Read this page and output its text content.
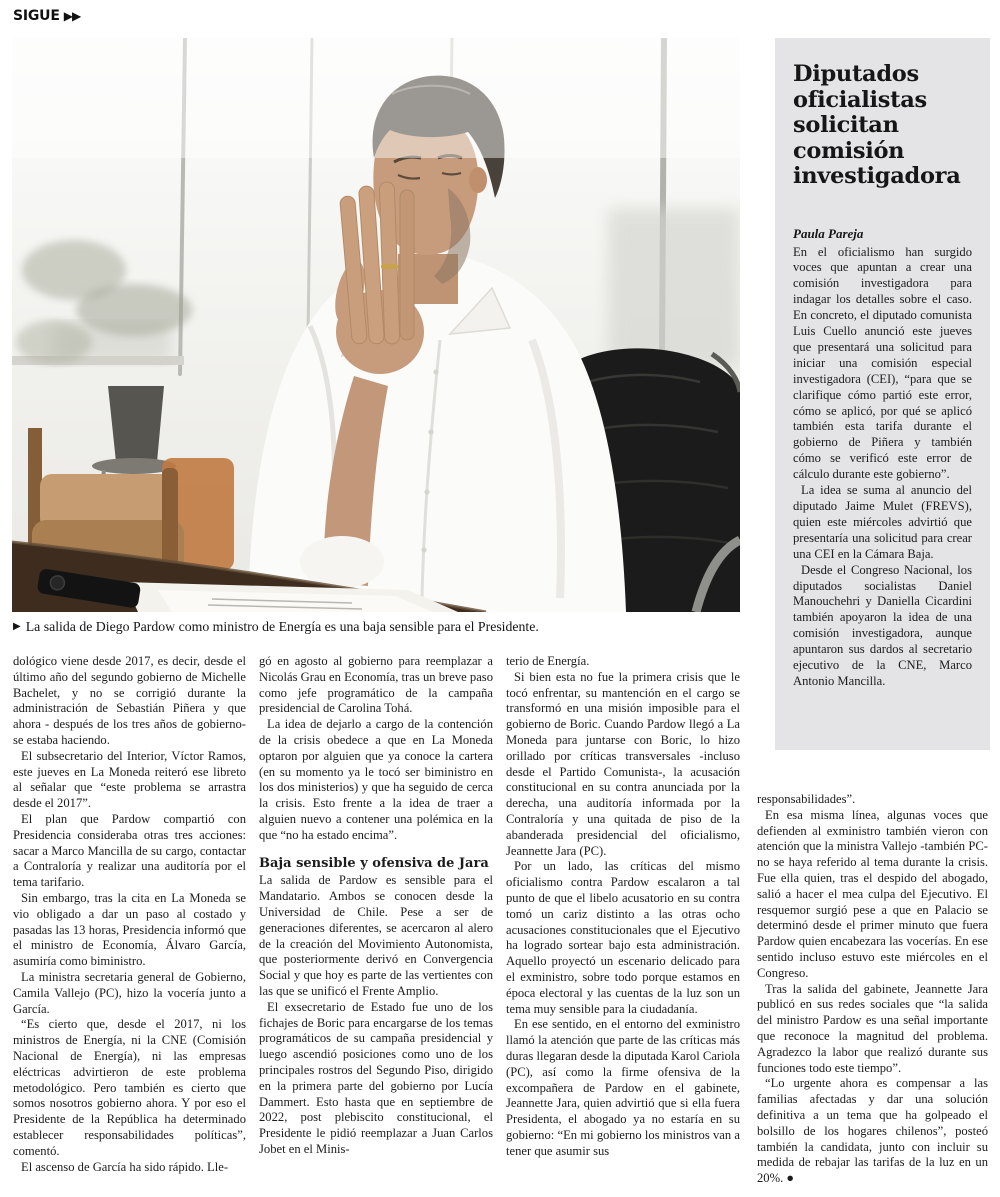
SIGUE ▶▶
▶ La salida de Diego Pardow como ministro de Energía es una baja sensible para el Presidente.

dológico viene desde 2017, es decir, desde el último año del segundo gobierno de Michelle Bachelet, y no se corrigió durante la administración de Sebastián Piñera y que ahora - después de los tres años de gobierno- se estaba haciendo.

El subsecretario del Interior, Víctor Ramos, este jueves en La Moneda reiteró ese libreto al señalar que “este problema se arrastra desde el 2017”.

El plan que Pardow compartió con Presidencia consideraba otras tres acciones: sacar a Marco Mancilla de su cargo, contactar a Contraloría y realizar una auditoría por el tema tarifario.

Sin embargo, tras la cita en La Moneda se vio obligado a dar un paso al costado y pasadas las 13 horas, Presidencia informó que el ministro de Economía, Álvaro García, asumiría como biministro.

La ministra secretaria general de Gobierno, Camila Vallejo (PC), hizo la vocería junto a García.

“Es cierto que, desde el 2017, ni los ministros de Energía, ni la CNE (Comisión Nacional de Energía), ni las empresas eléctricas advirtieron de este problema metodológico. Pero también es cierto que somos nosotros gobierno ahora. Y por eso el Presidente de la República ha determinado establecer responsabilidades políticas”, comentó.

El ascenso de García ha sido rápido. Lle-

gó en agosto al gobierno para reemplazar a Nicolás Grau en Economía, tras un breve paso como jefe programático de la campaña presidencial de Carolina Tohá.

La idea de dejarlo a cargo de la contención de la crisis obedece a que en La Moneda optaron por alguien que ya conoce la cartera (en su momento ya le tocó ser biministro en los dos ministerios) y que ha seguido de cerca la crisis. Esto frente a la idea de traer a alguien nuevo a contener una polémica en la que “no ha estado encima”.

Baja sensible y ofensiva de Jara

La salida de Pardow es sensible para el Mandatario. Ambos se conocen desde la Universidad de Chile. Pese a ser de generaciones diferentes, se acercaron al alero de la creación del Movimiento Autonomista, que posteriormente derivó en Convergencia Social y que hoy es parte de las vertientes con las que se unificó el Frente Amplio.

El exsecretario de Estado fue uno de los fichajes de Boric para encargarse de los temas programáticos de su campaña presidencial y luego ascendió posiciones como uno de los principales rostros del Segundo Piso, dirigido en la primera parte del gobierno por Lucía Dammert. Esto hasta que en septiembre de 2022, post plebiscito constitucional, el Presidente le pidió reemplazar a Juan Carlos Jobet en el Minis-

terio de Energía.

Si bien esta no fue la primera crisis que le tocó enfrentar, su mantención en el cargo se transformó en una misión imposible para el gobierno de Boric. Cuando Pardow llegó a La Moneda para juntarse con Boric, lo hizo orillado por críticas transversales -incluso desde el Partido Comunista-, la acusación constitucional en su contra anunciada por la derecha, una auditoría informada por la Contraloría y una quitada de piso de la abanderada presidencial del oficialismo, Jeannette Jara (PC).

Por un lado, las críticas del mismo oficialismo contra Pardow escalaron a tal punto de que el libelo acusatorio en su contra tomó un cariz distinto a las otras ocho acusaciones constitucionales que el Ejecutivo ha logrado sortear bajo esta administración. Aquello proyectó un escenario delicado para el exministro, sobre todo porque estamos en época electoral y las cuentas de la luz son un tema muy sensible para la ciudadanía.

En ese sentido, en el entorno del exministro llamó la atención que parte de las críticas más duras llegaran desde la diputada Karol Cariola (PC), así como la firme ofensiva de la excompañera de Pardow en el gabinete, Jeannette Jara, quien advirtió que si ella fuera Presidenta, el abogado ya no estaría en su gobierno: “En mi gobierno los ministros van a tener que asumir sus

responsabilidades”.

En esa misma línea, algunas voces que defienden al exministro también vieron con atención que la ministra Vallejo -también PC- no se haya referido al tema durante la crisis. Fue ella quien, tras el despido del abogado, salió a hacer el mea culpa del Ejecutivo. El resquemor surgió pese a que en Palacio se determinó desde el primer minuto que fuera Pardow quien encabezara las vocerías. En ese sentido incluso estuvo este miércoles en el Congreso.

Tras la salida del gabinete, Jeannette Jara publicó en sus redes sociales que “la salida del ministro Pardow es una señal importante que reconoce la magnitud del problema. Agradezco la labor que realizó durante sus funciones todo este tiempo”.

“Lo urgente ahora es compensar a las familias afectadas y dar una solución definitiva a un tema que ha golpeado el bolsillo de los hogares chilenos”, posteó también la candidata, junto con incluir su medida de rebajar las tarifas de la luz en un 20%. ●

Diputados oficialistas solicitan comisión investigadora
Paula Pareja

En el oficialismo han surgido voces que apuntan a crear una comisión investigadora para indagar los detalles sobre el caso. En concreto, el diputado comunista Luis Cuello anunció este jueves que presentará una solicitud para iniciar una comisión especial investigadora (CEI), “para que se clarifique cómo partió este error, cómo se aplicó, por qué se aplicó también esta tarifa durante el gobierno de Piñera y también cómo se verificó este error de cálculo durante este gobierno”.

La idea se suma al anuncio del diputado Jaime Mulet (FREVS), quien este miércoles advirtió que presentaría una solicitud para crear una CEI en la Cámara Baja.

Desde el Congreso Nacional, los diputados socialistas Daniel Manouchehri y Daniella Cicardini también apoyaron la idea de una comisión investigadora, aunque apuntaron sus dardos al secretario ejecutivo de la CNE, Marco Antonio Mancilla.
